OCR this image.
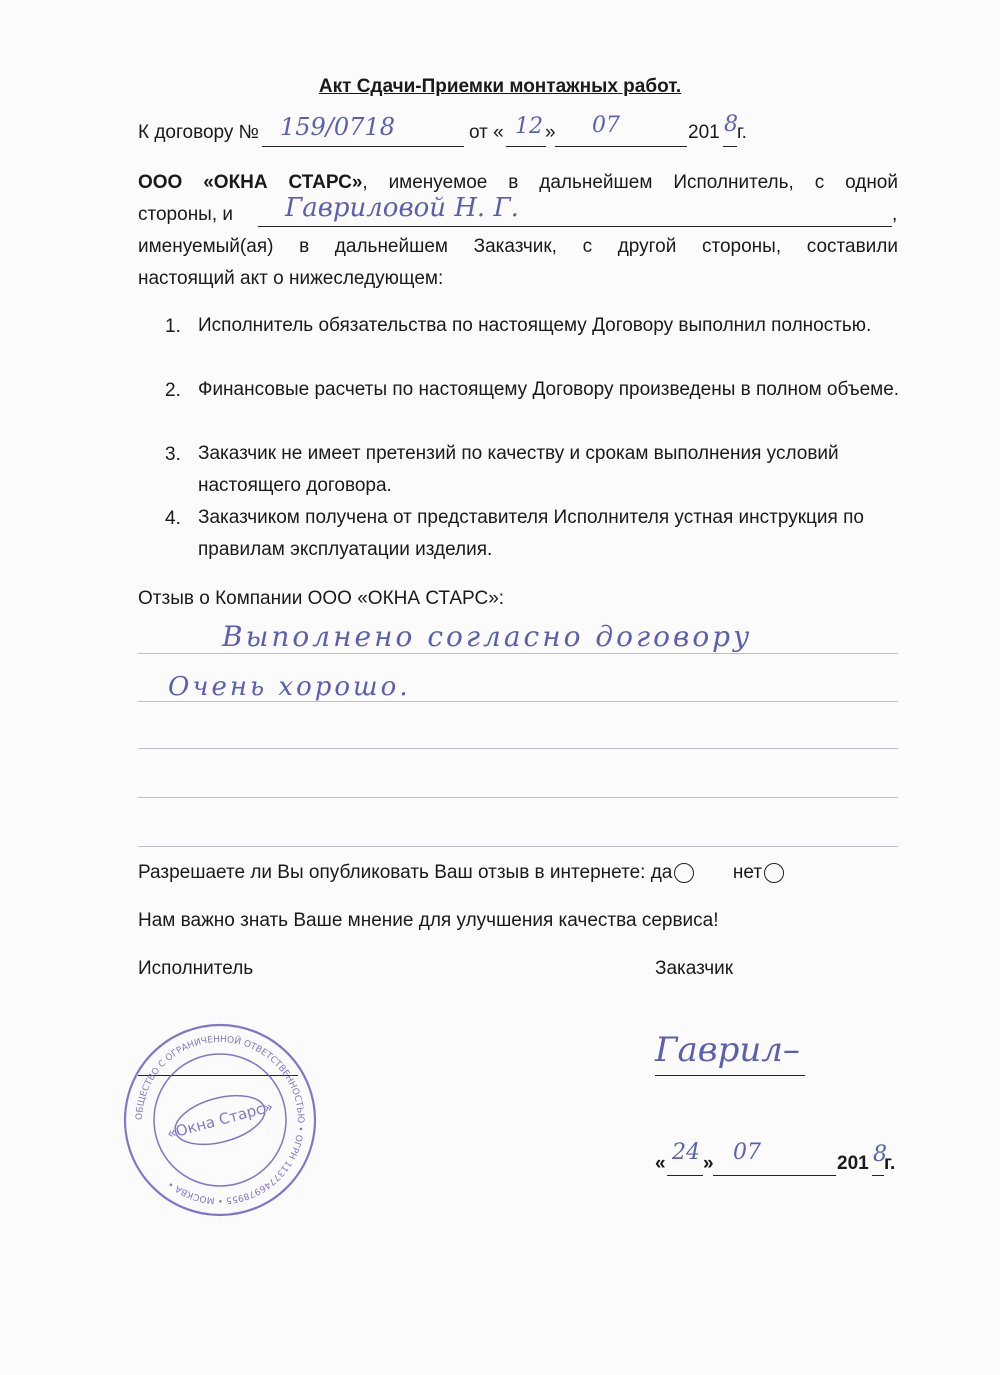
Акт Сдачи-Приемки монтажных работ.
К договору № 159/0718	от « 12 » 07	201 8 г.
ООО «ОКНА СТАРС», именуемое в дальнейшем Исполнитель, с одной
стороны, и Гавриловой Н. Г.	,
именуемый(ая) в дальнейшем Заказчик, с другой стороны, составили
настоящий акт о нижеследующем:
1. Исполнитель обязательства по настоящему Договору выполнил полностью.
2. Финансовые расчеты по настоящему Договору произведены в полном объеме.
3. Заказчик не имеет претензий по качеству и срокам выполнения условий настоящего договора.
4. Заказчиком получена от представителя Исполнителя устная инструкция по правилам эксплуатации изделия.
Отзыв о Компании ООО «ОКНА СТАРС»:
Выполнено согласно договору
Очень хорошо.
Разрешаете ли Вы опубликовать Ваш отзыв в интернете: да	нет
Нам важно знать Ваше мнение для улучшения качества сервиса!
Исполнитель	Заказчик
Гаврил–
« 24 » 07	201 8
г.
ОБЩЕСТВО С ОГРАНИЧЕННОЙ ОТВЕТСТВЕННОСТЬЮ • ОГРН 1137746978955 • МОСКВА •
«Окна Старс»
